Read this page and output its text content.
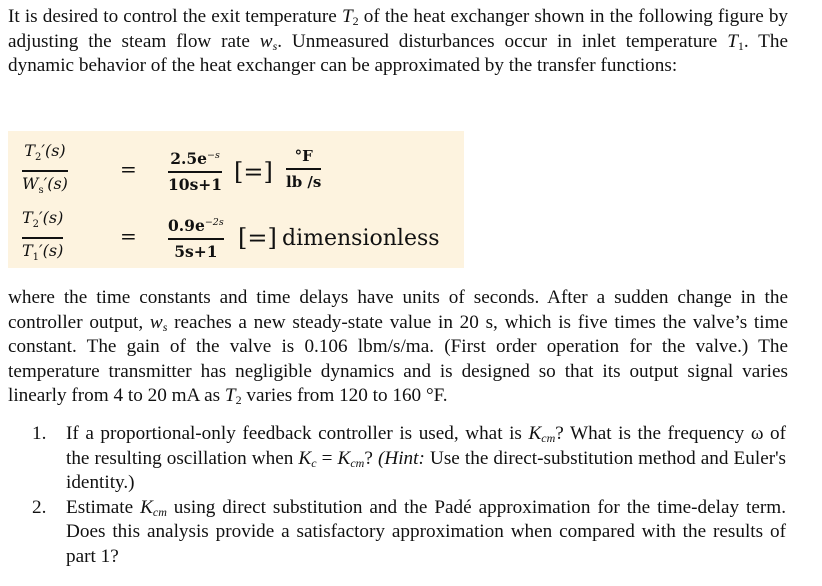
It is desired to control the exit temperature $T_2$ of the heat exchanger shown in the following figure by adjusting the steam flow rate $w_s$. Unmeasured disturbances occur in inlet temperature $T_1$. The dynamic behavior of the heat exchanger can be approximated by the transfer functions:
$T_2'(s)$
$W_s'(s)$
= $2.5e^{-s}$
10s+1 [=]
°F
lb /s
$T_2'(s)$
$T_1'(s)$
= $0.9e^{-2s}$
5s+1 [=] dimensionless
where the time constants and time delays have units of seconds. After a sudden change in the controller output, $w_s$ reaches a new steady-state value in 20 s, which is five times the valve’s time constant. The gain of the valve is 0.106 lbm/s/ma. (First order operation for the valve.) The temperature transmitter has negligible dynamics and is designed so that its output signal varies linearly from 4 to 20 mA as $T_2$ varies from 120 to 160 °F.
1.	If a proportional-only feedback controller is used, what is $K_{cm}$? What is the frequency ω of the resulting oscillation when $K_c = K_{cm}$? (Hint: Use the direct-substitution method and Euler's identity.)
2.	Estimate $K_{cm}$ using direct substitution and the Padé approximation for the time-delay term. Does this analysis provide a satisfactory approximation when compared with the results of part 1?
